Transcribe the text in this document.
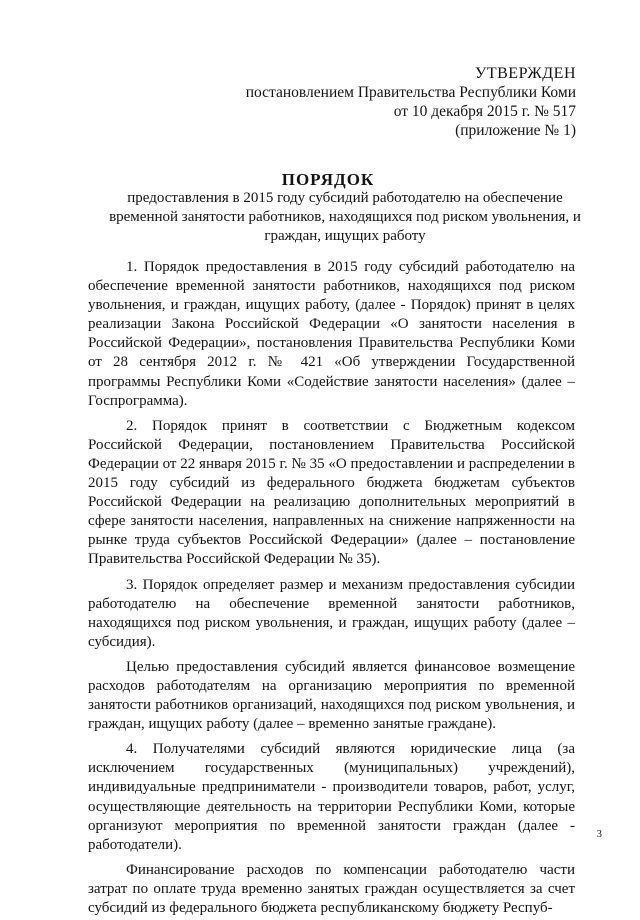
УТВЕРЖДЕН
постановлением Правительства Республики Коми
от 10 декабря 2015 г. № 517
(приложение № 1)
ПОРЯДОК
предоставления в 2015 году субсидий работодателю на обеспечение временной занятости работников, находящихся под риском увольнения, и граждан, ищущих работу

1. Порядок предоставления в 2015 году субсидий работодателю на обеспечение временной занятости работников, находящихся под риском увольнения, и граждан, ищущих работу, (далее - Порядок) принят в целях реализации Закона Российской Федерации «О занятости населения в Российской Федерации», постановления Правительства Республики Коми от 28 сентября 2012 г. № 421 «Об утверждении Государственной программы Республики Коми «Содействие занятости населения» (далее – Госпрограмма).

2. Порядок принят в соответствии с Бюджетным кодексом Российской Федерации, постановлением Правительства Российской Федерации от 22 января 2015 г. № 35 «О предоставлении и распределении в 2015 году субсидий из федерального бюджета бюджетам субъектов Российской Федерации на реализацию дополнительных мероприятий в сфере занятости населения, направленных на снижение напряженности на рынке труда субъектов Российской Федерации» (далее – постановление Правительства Российской Федерации № 35).

3. Порядок определяет размер и механизм предоставления субсидии работодателю на обеспечение временной занятости работников, находящихся под риском увольнения, и граждан, ищущих работу (далее – субсидия).

Целью предоставления субсидий является финансовое возмещение расходов работодателям на организацию мероприятия по временной занятости работников организаций, находящихся под риском увольнения, и граждан, ищущих работу (далее – временно занятые граждане).

4. Получателями субсидий являются юридические лица (за исключением государственных (муниципальных) учреждений), индивидуальные предприниматели - производители товаров, работ, услуг, осуществляющие деятельность на территории Республики Коми, которые организуют мероприятия по временной занятости граждан (далее - работодатели).

Финансирование расходов по компенсации работодателю части затрат по оплате труда временно занятых граждан осуществляется за счет субсидий из федерального бюджета республиканскому бюджету Респуб-

3
